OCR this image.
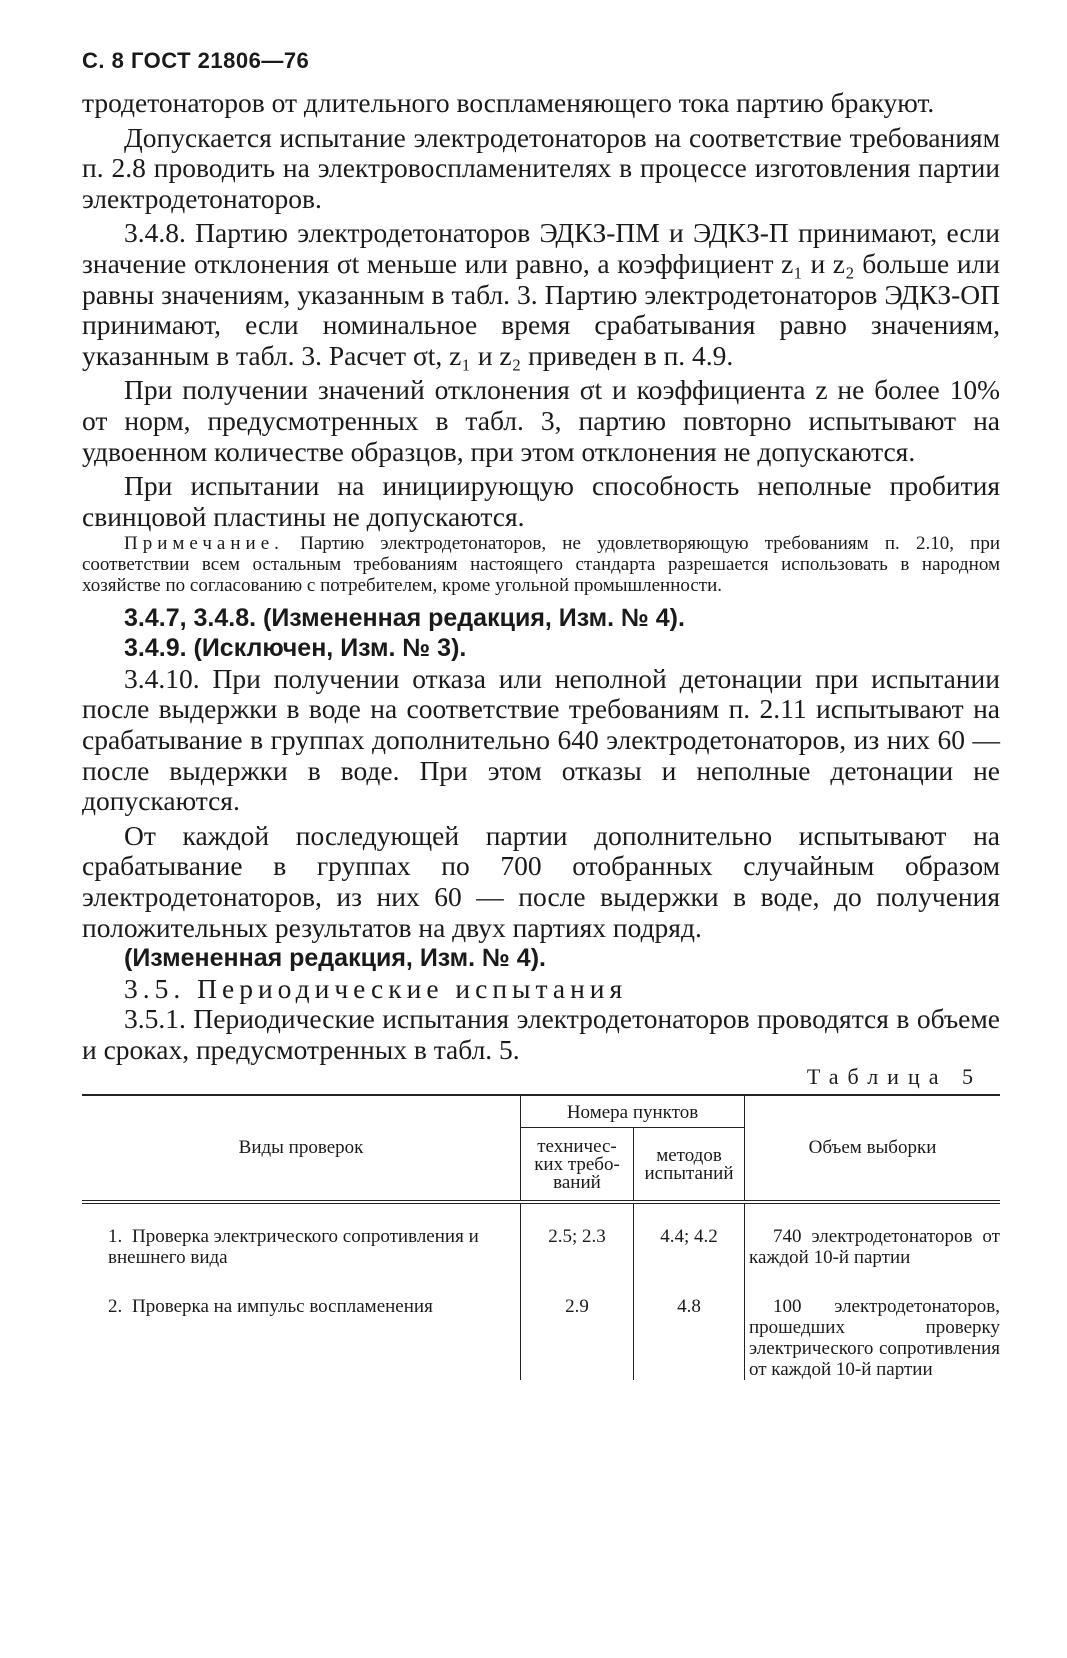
С. 8 ГОСТ 21806—76

тродетонаторов от длительного воспламеняющего тока партию бракуют.

Допускается испытание электродетонаторов на соответствие требованиям п. 2.8 проводить на электровоспламенителях в процессе изготовления партии электродетонаторов.

3.4.8. Партию электродетонаторов ЭДКЗ-ПМ и ЭДКЗ-П принимают, если значение отклонения σt меньше или равно, а коэффициент z₁ и z₂ больше или равны значениям, указанным в табл. 3. Партию электродетонаторов ЭДКЗ-ОП принимают, если номинальное время срабатывания равно значениям, указанным в табл. 3. Расчет σt, z₁ и z₂ приведен в п. 4.9.

При получении значений отклонения σt и коэффициента z не более 10% от норм, предусмотренных в табл. 3, партию повторно испытывают на удвоенном количестве образцов, при этом отклонения не допускаются.

При испытании на инициирующую способность неполные пробития свинцовой пластины не допускаются.

Примечание. Партию электродетонаторов, не удовлетворяющую требованиям п. 2.10, при соответствии всем остальным требованиям настоящего стандарта разрешается использовать в народном хозяйстве по согласованию с потребителем, кроме угольной промышленности.

3.4.7, 3.4.8. (Измененная редакция, Изм. № 4).

3.4.9. (Исключен, Изм. № 3).

3.4.10. При получении отказа или неполной детонации при испытании после выдержки в воде на соответствие требованиям п. 2.11 испытывают на срабатывание в группах дополнительно 640 электродетонаторов, из них 60 — после выдержки в воде. При этом отказы и неполные детонации не допускаются.

От каждой последующей партии дополнительно испытывают на срабатывание в группах по 700 отобранных случайным образом электродетонаторов, из них 60 — после выдержки в воде, до получения положительных результатов на двух партиях подряд.

(Измененная редакция, Изм. № 4).

3.5. Периодические испытания

3.5.1. Периодические испытания электродетонаторов проводятся в объеме и сроках, предусмотренных в табл. 5.

Таблица 5
Виды проверок	Номера пунктов		Объем выборки
	техничес-ких требо-ваний	методов испытаний	
1. Проверка электрического сопротивления и внешнего вида	2.5; 2.3	4.4; 4.2	740 электродетонаторов от каждой 10-й партии
2. Проверка на импульс воспламенения	2.9	4.8	100 электродетонаторов, прошедших проверку электрического сопротивления от каждой 10-й партии
